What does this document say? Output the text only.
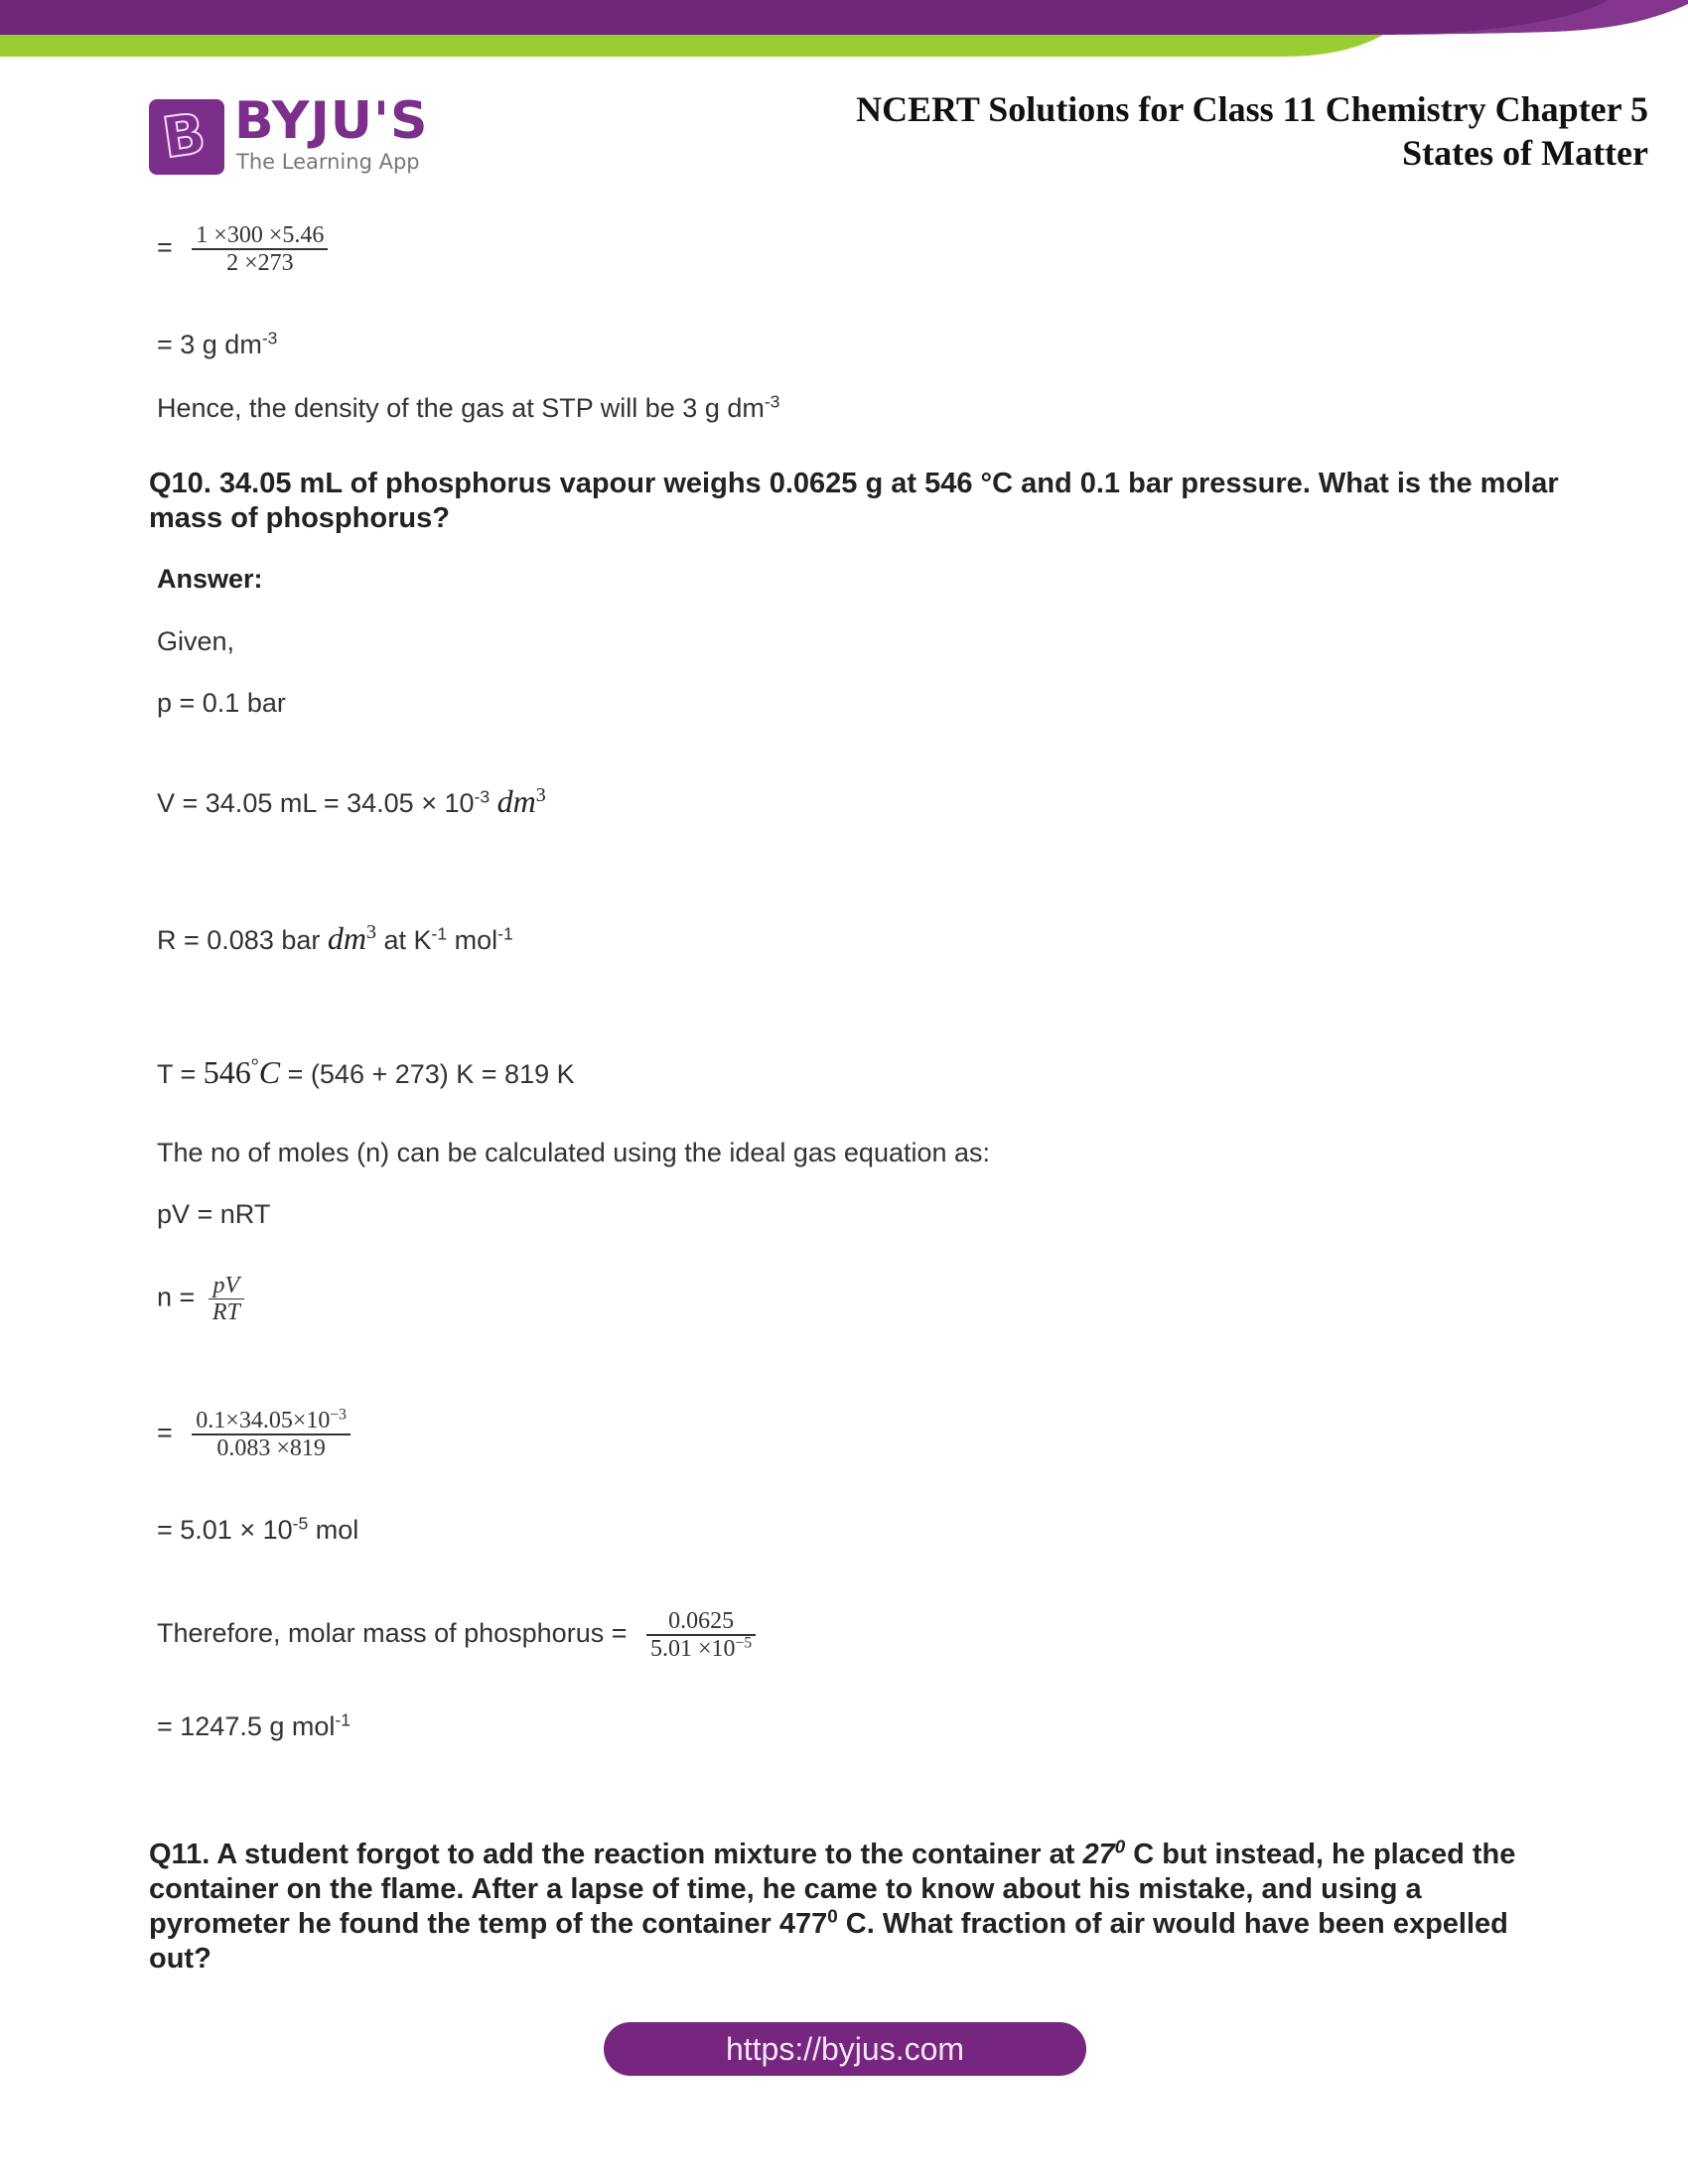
B BYJU'S
The Learning App
NCERT Solutions for Class 11 Chemistry Chapter 5
States of Matter
= $\frac{1 \times 300 \times 5.46}{2 \times 273}$
= 3 g $dm^{-3}$
Hence, the density of the gas at STP will be 3 g $dm^{-3}$
Q10. 34.05 mL of phosphorus vapour weighs 0.0625 g at 546 °C and 0.1 bar pressure. What is the molar mass of phosphorus?
Answer:
Given,
p = 0.1 bar
V = 34.05 mL = $34.05 \times 10^{-3}$ $dm^3$
R = 0.083 bar $dm^3$ at $K^{-1}$ mol$^{-1}$
T = 546°C = (546 + 273) K = 819 K
The no of moles (n) can be calculated using the ideal gas equation as:
pV = nRT
$n = \frac{pV}{RT}$
= $\frac{0.1\times 34.05\times 10^{-3}}{0.083 \times 819}$
= $5.01 \times 10^{-5}$ mol
Therefore, molar mass of phosphorus = $\frac{0.0625}{5.01 \times 10^{-5}}$
= 1247.5 g mol$^{-1}$
Q11. A student forgot to add the reaction mixture to the container at $27^0$ C but instead, he placed the container on the flame. After a lapse of time, he came to know about his mistake, and using a pyrometer he found the temp of the container $477^0$ C. What fraction of air would have been expelled out?
https://byjus.com
